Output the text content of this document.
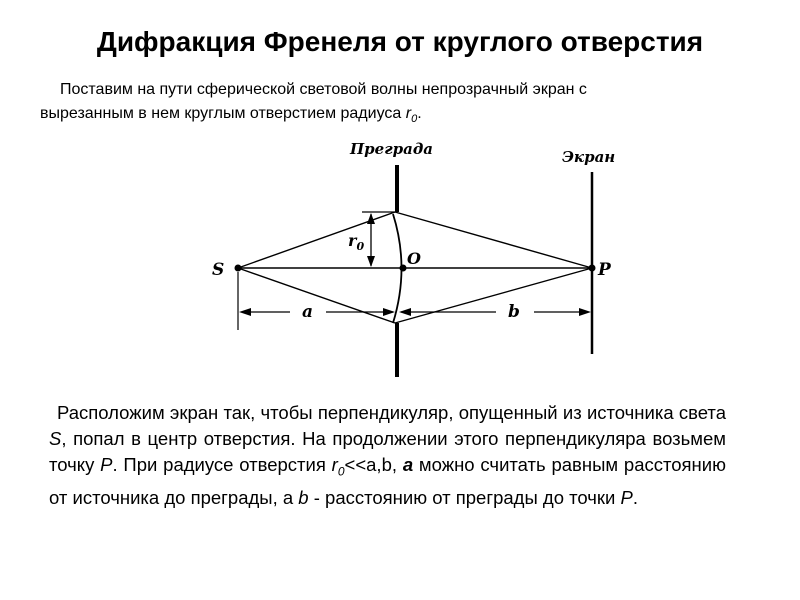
Дифракция Френеля от круглого отверстия
Поставим на пути сферической световой волны непрозрачный экран с
вырезанным в нем круглым отверстием радиуса $r_0$.
Преграда	Экран
S
O
P
$r_0$
a	b
Расположим экран так, чтобы перпендикуляр, опущенный из источника света S, попал в центр отверстия. На продолжении этого перпендикуляра возьмем точку P. При радиусе отверстия $r_0<<a,b$, a можно считать равным расстоянию от источника до преграды, а b - расстоянию от преграды до точки P.
